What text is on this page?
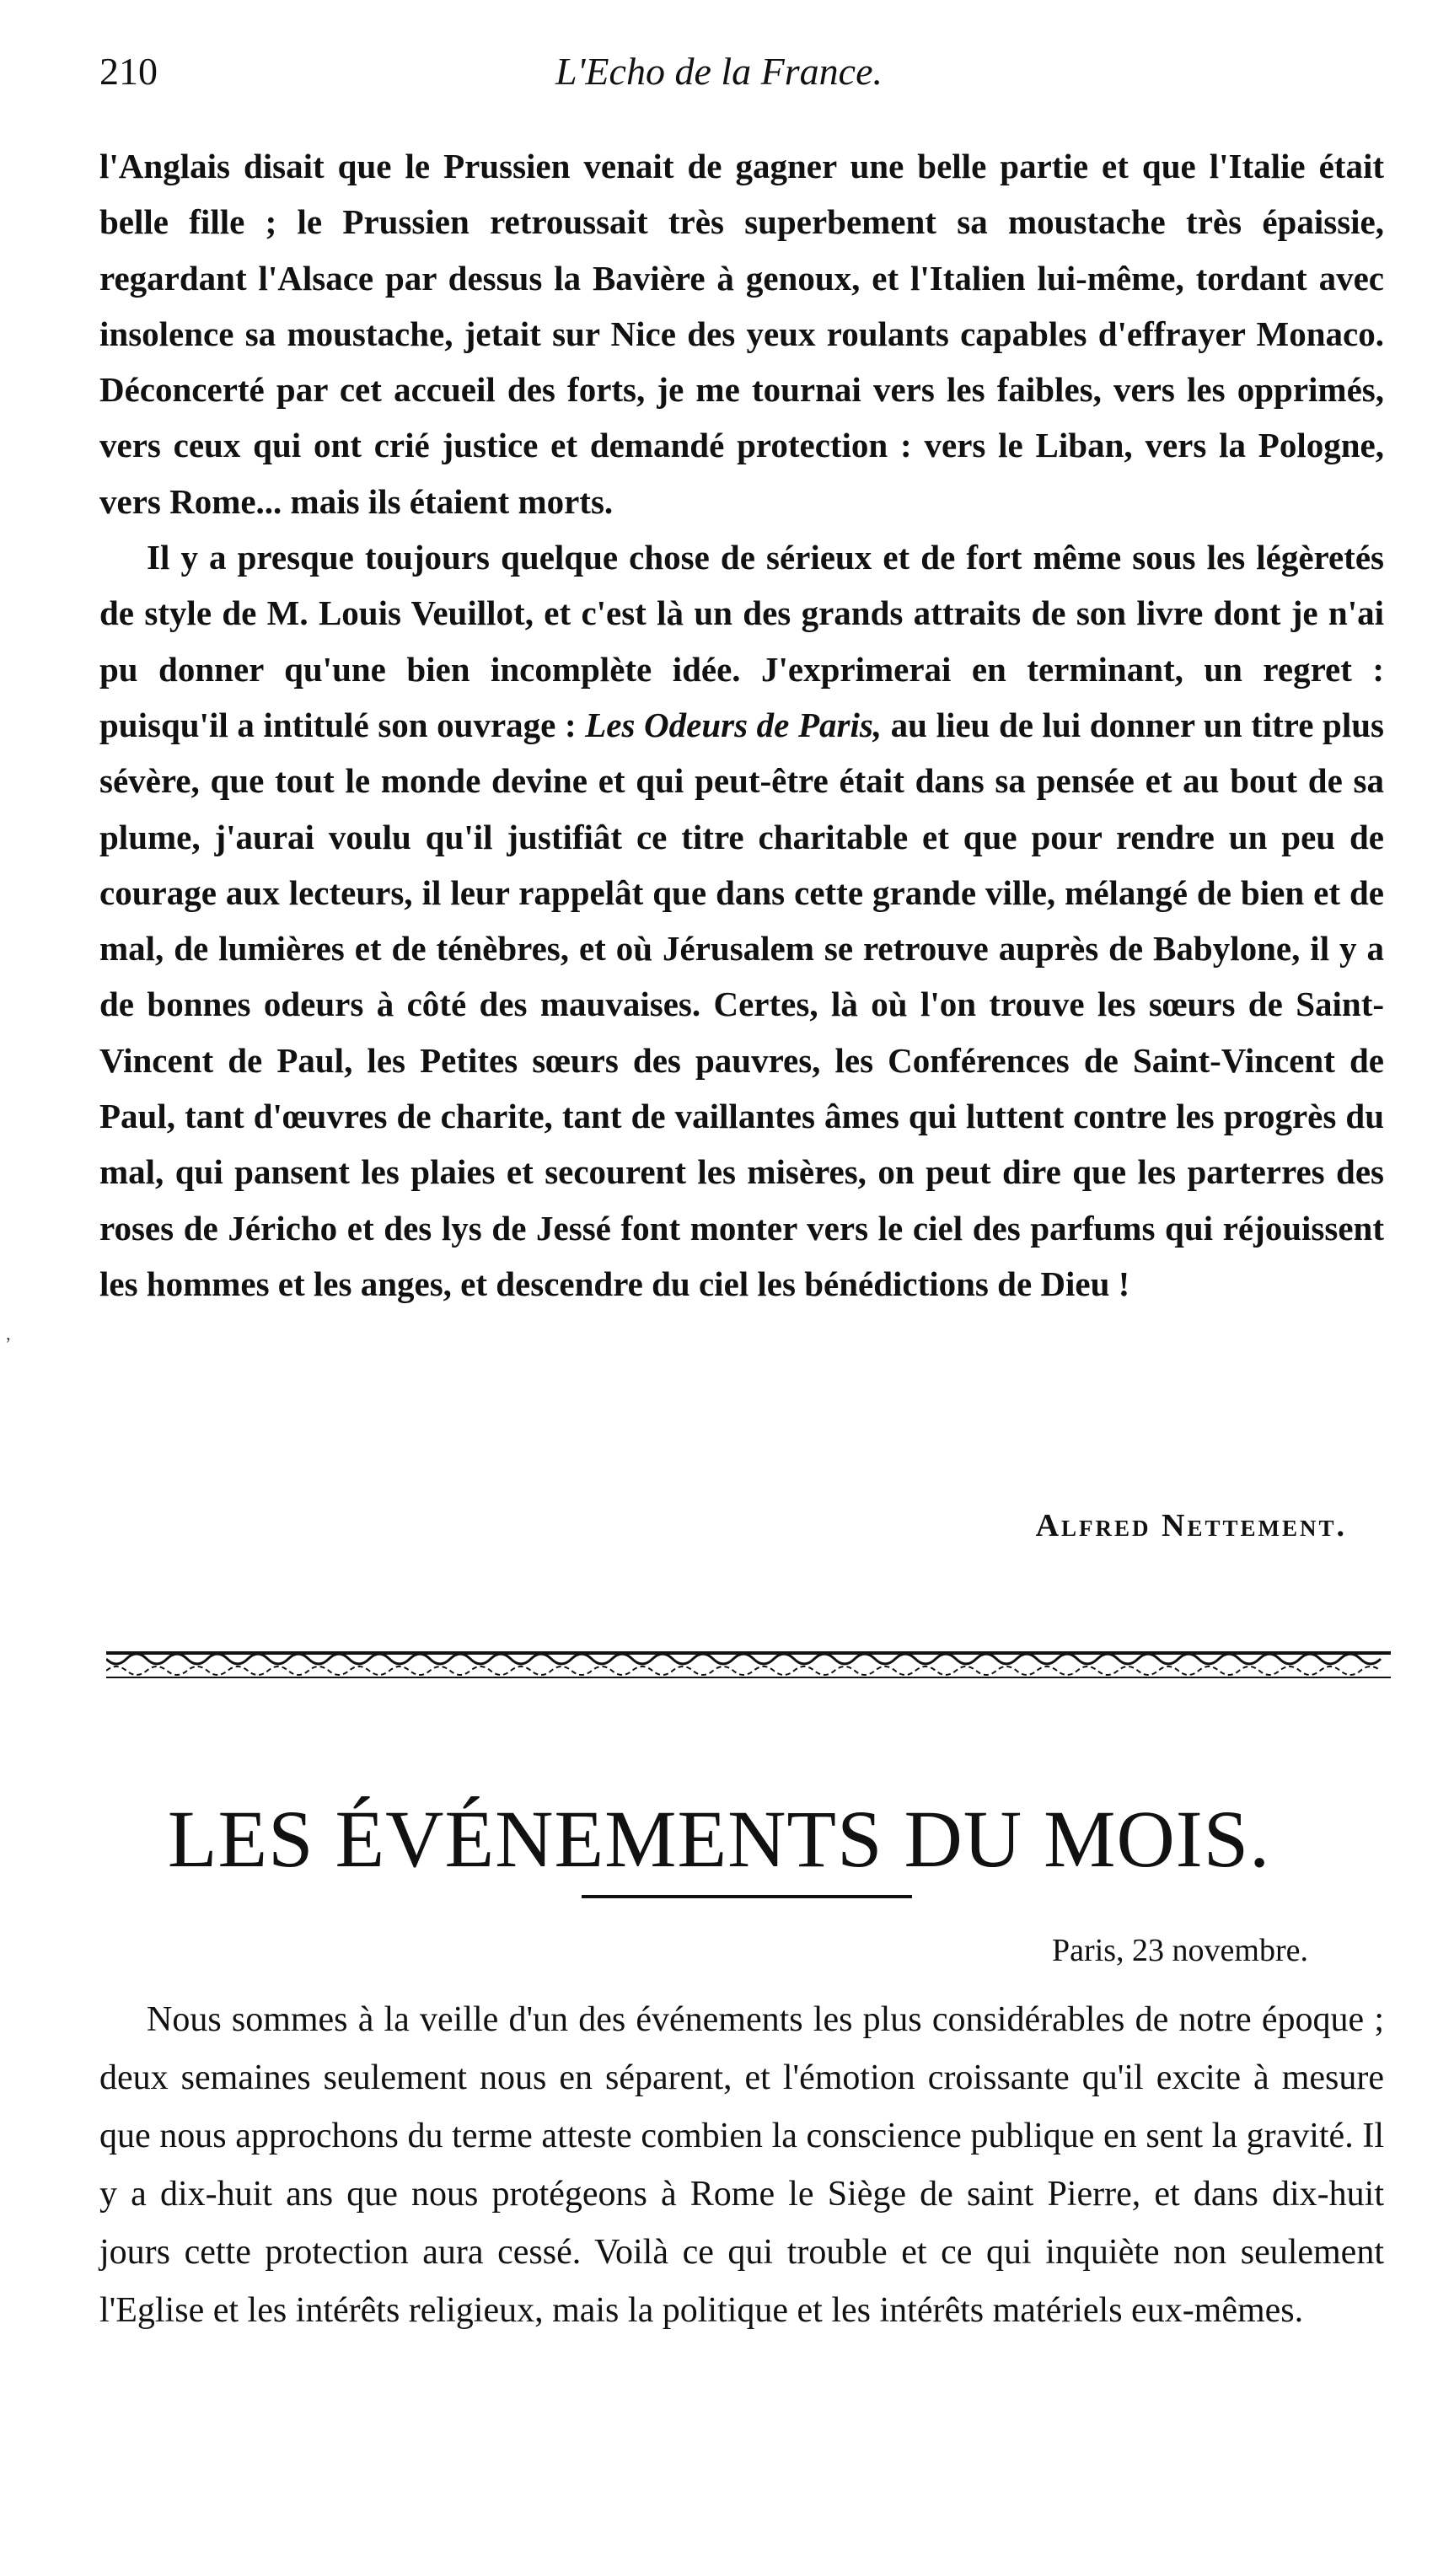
210	L'Echo de la France.

l'Anglais disait que le Prussien venait de gagner une belle partie et que l'Italie était belle fille ; le Prussien retroussait très superbement sa moustache très épaissie, regardant l'Alsace par dessus la Bavière à genoux, et l'Italien lui-même, tordant avec insolence sa moustache, jetait sur Nice des yeux roulants capables d'effrayer Monaco. Déconcerté par cet accueil des forts, je me tournai vers les faibles, vers les opprimés, vers ceux qui ont crié justice et demandé protection : vers le Liban, vers la Pologne, vers Rome... mais ils étaient morts.

Il y a presque toujours quelque chose de sérieux et de fort même sous les légèretés de style de M. Louis Veuillot, et c'est là un des grands attraits de son livre dont je n'ai pu donner qu'une bien incomplète idée. J'exprimerai en terminant, un regret : puisqu'il a intitulé son ouvrage : Les Odeurs de Paris, au lieu de lui donner un titre plus sévère, que tout le monde devine et qui peut-être était dans sa pensée et au bout de sa plume, j'aurai voulu qu'il justifiât ce titre charitable et que pour rendre un peu de courage aux lecteurs, il leur rappelât que dans cette grande ville, mélangé de bien et de mal, de lumières et de ténèbres, et où Jérusalem se retrouve auprès de Babylone, il y a de bonnes odeurs à côté des mauvaises. Certes, là où l'on trouve les sœurs de Saint-Vincent de Paul, les Petites sœurs des pauvres, les Conférences de Saint-Vincent de Paul, tant d'œuvres de charite, tant de vaillantes âmes qui luttent contre les progrès du mal, qui pansent les plaies et secourent les misères, on peut dire que les parterres des roses de Jéricho et des lys de Jessé font monter vers le ciel des parfums qui réjouissent les hommes et les anges, et descendre du ciel les bénédictions de Dieu !

Alfred Nettement.
LES ÉVÉNEMENTS DU MOIS.
Paris, 23 novembre.

Nous sommes à la veille d'un des événements les plus considérables de notre époque ; deux semaines seulement nous en séparent, et l'émotion croissante qu'il excite à mesure que nous approchons du terme atteste combien la conscience publique en sent la gravité. Il y a dix-huit ans que nous protégeons à Rome le Siège de saint Pierre, et dans dix-huit jours cette protection aura cessé. Voilà ce qui trouble et ce qui inquiète non seulement l'Eglise et les intérêts religieux, mais la politique et les intérêts matériels eux-mêmes.

ʼ
